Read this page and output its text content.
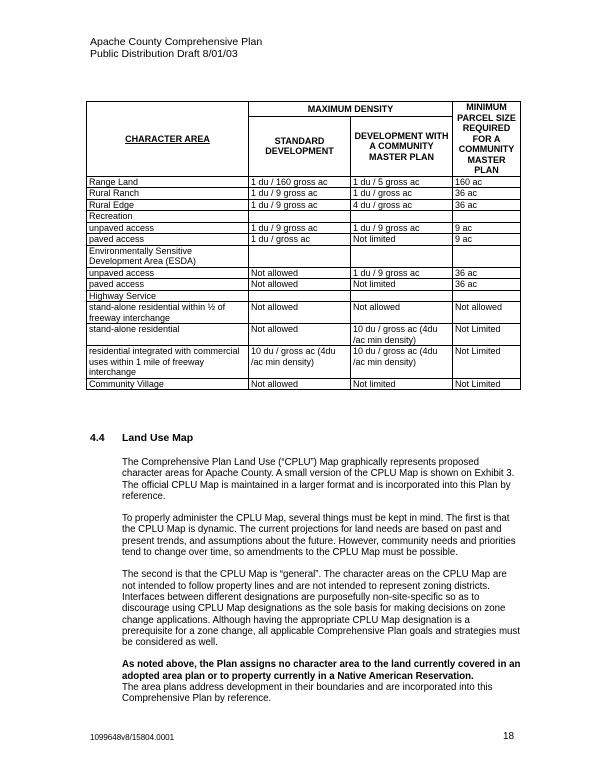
Apache County Comprehensive Plan
Public Distribution Draft 8/01/03
CHARACTER AREA	MAXIMUM DENSITY		MINIMUM PARCEL SIZE REQUIRED FOR A COMMUNITY MASTER PLAN
	STANDARD DEVELOPMENT	DEVELOPMENT WITH A COMMUNITY MASTER PLAN	
Range Land	1 du / 160 gross ac	1 du / 5 gross ac	160 ac
Rural Ranch	1 du / 9 gross ac	1 du / gross ac	36 ac
Rural Edge	1 du / 9 gross ac	4 du / gross ac	36 ac
Recreation			
unpaved access	1 du / 9 gross ac	1 du / 9 gross ac	9 ac
paved access	1 du / gross ac	Not limited	9 ac
Environmentally Sensitive Development Area (ESDA)			
unpaved access	Not allowed	1 du / 9 gross ac	36 ac
paved access	Not allowed	Not limited	36 ac
Highway Service			
stand-alone residential within ½ of freeway interchange	Not allowed	Not allowed	Not allowed
stand-alone residential	Not allowed	10 du / gross ac (4du /ac min density)	Not Limited
residential integrated with commercial uses within 1 mile of freeway interchange	10 du / gross ac (4du /ac min density)	10 du / gross ac (4du /ac min density)	Not Limited
Community Village	Not allowed	Not limited	Not Limited
4.4 Land Use Map

The Comprehensive Plan Land Use (“CPLU”) Map graphically represents proposed character areas for Apache County. A small version of the CPLU Map is shown on Exhibit 3. The official CPLU Map is maintained in a larger format and is incorporated into this Plan by reference.

To properly administer the CPLU Map, several things must be kept in mind. The first is that the CPLU Map is dynamic. The current projections for land needs are based on past and present trends, and assumptions about the future. However, community needs and priorities tend to change over time, so amendments to the CPLU Map must be possible.

The second is that the CPLU Map is “general”. The character areas on the CPLU Map are not intended to follow property lines and are not intended to represent zoning districts. Interfaces between different designations are purposefully non-site-specific so as to discourage using CPLU Map designations as the sole basis for making decisions on zone change applications. Although having the appropriate CPLU Map designation is a prerequisite for a zone change, all applicable Comprehensive Plan goals and strategies must be considered as well.

As noted above, the Plan assigns no character area to the land currently covered in an adopted area plan or to property currently in a Native American Reservation.

The area plans address development in their boundaries and are incorporated into this Comprehensive Plan by reference.

1099648v8/15804.0001	18
